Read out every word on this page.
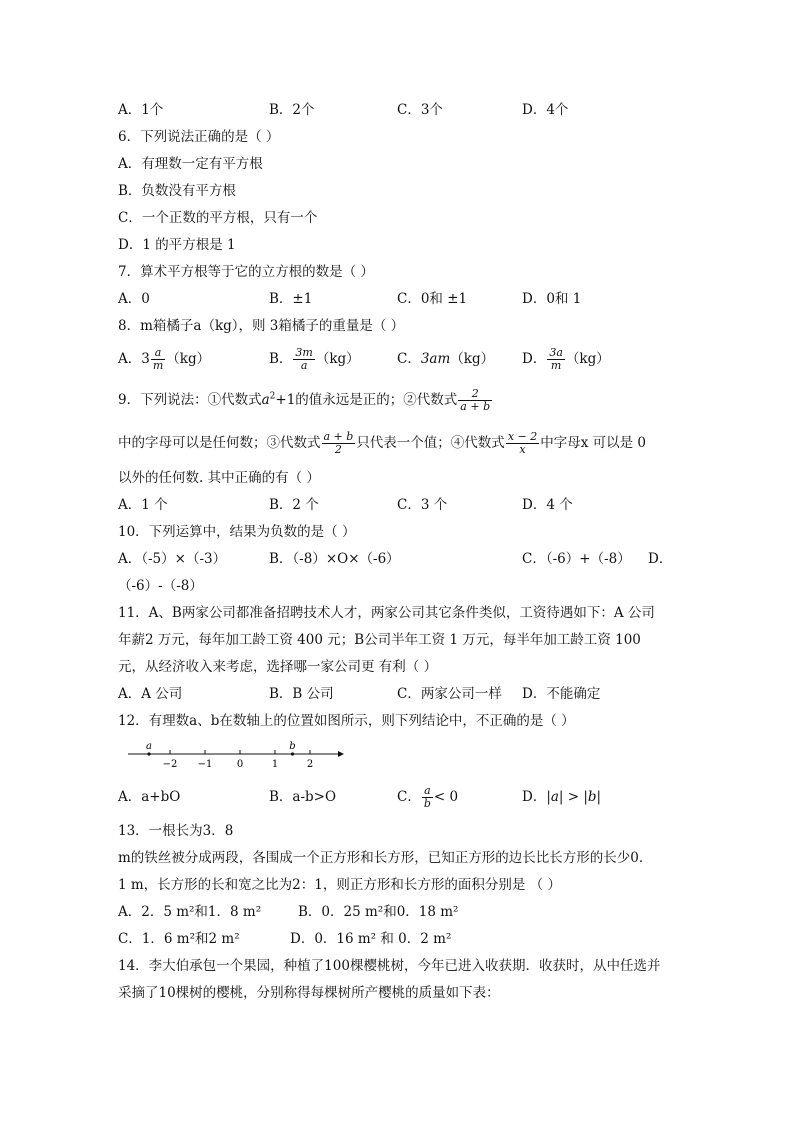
A．1个	B．2个	C．3个	D．4个
6．下列说法正确的是（ ）
A．有理数一定有平方根
B．负数没有平方根
C．一个正数的平方根，只有一个
D．1 的平方根是 1
7．算术平方根等于它的立方根的数是（ ）
A．0	B．±1	C．0和 ±1	D．0和 1
8．m箱橘子a（kg），则 3箱橘子的重量是（ ）
A．$3 \frac{a}{m} (kg)$	B． $\frac{3m}{a} (kg)$	C．3am（kg） D． $\frac{3a}{m} (kg)$
9．下列说法：①代数式$a^2+1$的值永远是正的；②代数式 $\frac{2}{a + b}$
中的字母可以是任何数；③代数式 $\frac{a + b}{2}$ 只代表一个值；④代数式 $\frac{x - 2}{x}$ 中字母x 可以是 0
以外的任何数. 其中正确的有（ ）
A．1 个	B．2 个	C．3 个	D．4 个
10．下列运算中，结果为负数的是（ ）
A．（-5）×（-3）	B．（-8）×O×（-6）	C．（-6）+（-8） D．
（-6）-（-8）
11．A、B两家公司都准备招聘技术人才，两家公司其它条件类似，工资待遇如下：A 公司
年薪2 万元，每年加工龄工资 400 元；B公司半年工资 1 万元，每半年加工龄工资 100
元，从经济收入来考虑，选择哪一家公司更 有利（ ）
A．A 公司	B．B 公司	C．两家公司一样 D．不能确定
12．有理数a、b在数轴上的位置如图所示，则下列结论中，不正确的是（ ）
−2 −1 0	1	2
a	b
A．a+bO	B．a-b>O	C． $\frac{a}{b} < 0$	D．|a| > |b|
13．一根长为3．8
m的铁丝被分成两段，各围成一个正方形和长方形，已知正方形的边长比长方形的长少0．
1 m，长方形的长和宽之比为2：1，则正方形和长方形的面积分别是 （ ）
A．2．5 m²和1．8 m²	B．0．25 m²和0．18 m²
C．1．6 m²和2 m²	D．0．16 m² 和 0．2 m²
14．李大伯承包一个果园，种植了100棵樱桃树，今年已进入收获期．收获时，从中任选并
采摘了10棵树的樱桃，分别称得每棵树所产樱桃的质量如下表：
